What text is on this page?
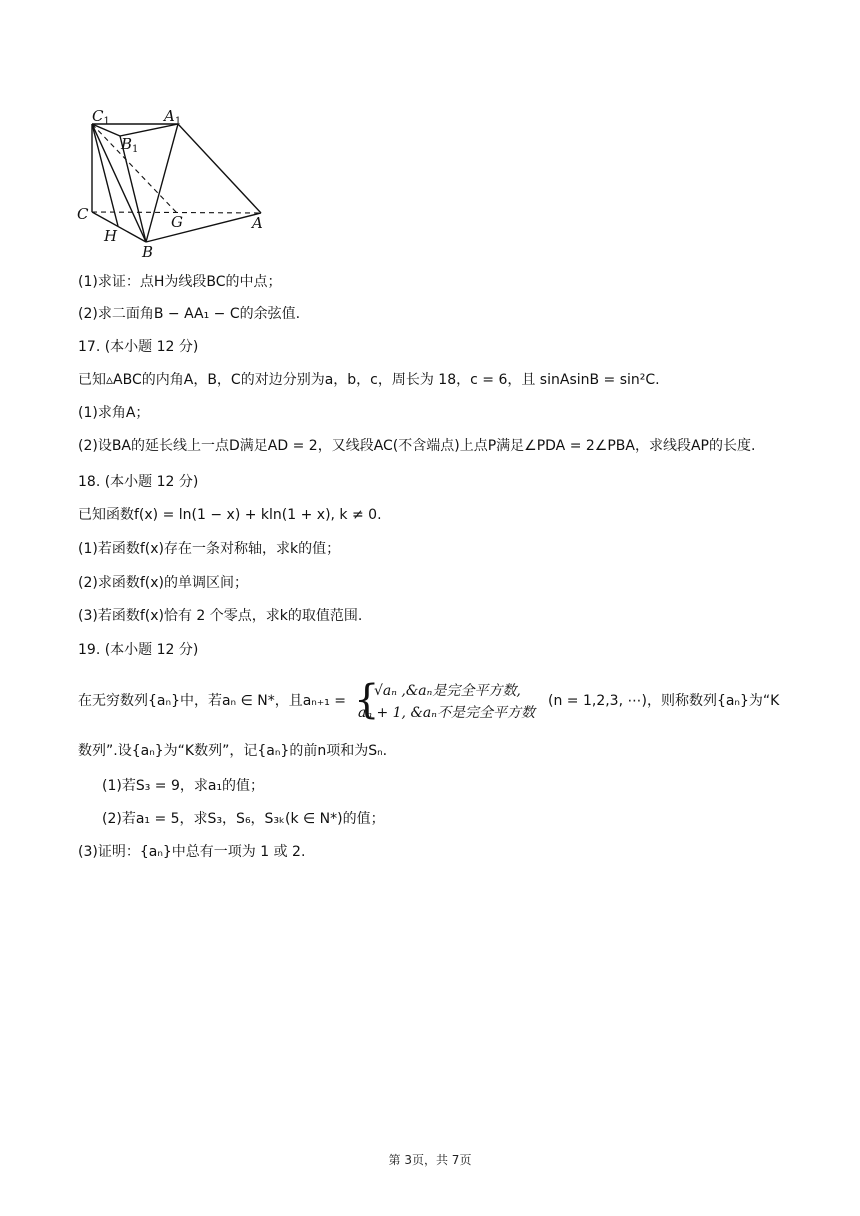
$C_1$	$A_1$
$B_1$
C	G	A
H
B
(1)求证：点H为线段BC的中点；
(2)求二面角B − AA₁ − C的余弦值.
17. (本小题 12 分)
已知▵ABC的内角A，B，C的对边分别为a，b，c，周长为 18，c = 6，且 sinAsinB = sin²C.
(1)求角A；
(2)设BA的延长线上一点D满足AD = 2，又线段AC(不含端点)上点P满足∠PDA = 2∠PBA，求线段AP的长度.
18. (本小题 12 分)
已知函数f(x) = ln(1 − x) + kln(1 + x), k ≠ 0.
(1)若函数f(x)存在一条对称轴，求k的值；
(2)求函数f(x)的单调区间；
(3)若函数f(x)恰有 2 个零点，求k的取值范围.
19. (本小题 12 分)
在无穷数列{aₙ}中，若aₙ ∈ N*，且aₙ₊₁ = {
√aₙ ,&aₙ是完全平方数,
aₙ + 1, &aₙ不是完全平方数
(n = 1,2,3, ⋯)，则称数列{aₙ}为“K
数列”.设{aₙ}为“K数列”，记{aₙ}的前n项和为Sₙ.
(1)若S₃ = 9，求a₁的值；
(2)若a₁ = 5，求S₃，S₆，S₃ₖ(k ∈ N*)的值；
(3)证明：{aₙ}中总有一项为 1 或 2.
第 3页，共 7页
